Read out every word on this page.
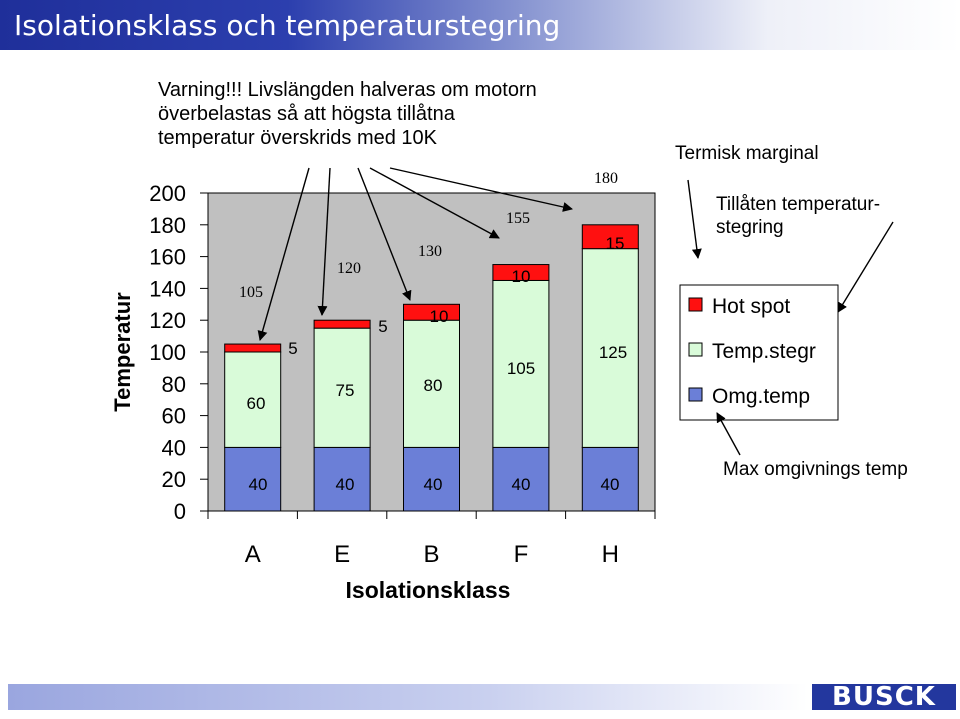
Isolationsklass och temperaturstegring
Varning!!! Livslängden halveras om motorn
överbelastas så att högsta tillåtna
temperatur överskrids med 10K
40
60
5
105
40
75
5
120
40
80
10
130
40
105
10
155
40
125
15
180
200
180
160
140
120
100
80
60
40
20
0
Temperatur
A	E	B	F	H
Isolationsklass
Termisk marginal
Tillåten temperatur-
stegring
Max omgivnings temp
Hot spot
Temp.stegr
Omg.temp
BUSCK
